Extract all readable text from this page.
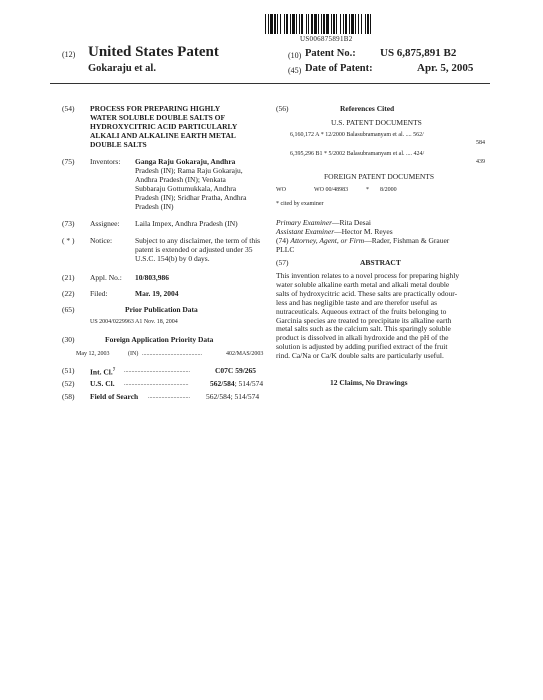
US006875891B2
(12) United States Patent
Gokaraju et al.
(10) Patent No.: US 6,875,891 B2
(45) Date of Patent:	Apr. 5, 2005
(54) PROCESS FOR PREPARING HIGHLY
WATER SOLUBLE DOUBLE SALTS OF
HYDROXYCITRIC ACID PARTICULARLY
ALKALI AND ALKALINE EARTH METAL
DOUBLE SALTS
(75) Inventors: Ganga Raju Gokaraju, Andhra
Pradesh (IN); Rama Raju Gokaraju,
Andhra Pradesh (IN); Venkata
Subbaraju Gottumukkala, Andhra
Pradesh (IN); Sridhar Pratha, Andhra
Pradesh (IN)
(73) Assignee: Laila Impex, Andhra Pradesh (IN)
( * ) Notice:	Subject to any disclaimer, the term of this
patent is extended or adjusted under 35
U.S.C. 154(b) by 0 days.
(21) Appl. No.: 10/803,986
(22) Filed:	Mar. 19, 2004
(65)	Prior Publication Data
US 2004/0229963 A1 Nov. 18, 2004
(30)	Foreign Application Priority Data
May 12, 2003	(IN) ........................................	402/MAS/2003
(51) Int. Cl.$^7$ ............................................	C07C 59/265
(52) U.S. Cl. ...........................................	562/584; 514/574
(58) Field of Search ............................	562/584; 514/574
(56)	References Cited
U.S. PATENT DOCUMENTS
6,160,172 A * 12/2000 Balasubramanyam et al. .... 562/
584
6,395,296 B1 * 5/2002 Balasubramanyam et al. .... 424/
439
FOREIGN PATENT DOCUMENTS
WO	WO 00/48983	* 8/2000
* cited by examiner
Primary Examiner—Rita Desai
Assistant Examiner—Hector M. Reyes
(74) Attorney, Agent, or Firm—Rader, Fishman & Grauer
PLLC
(57)	ABSTRACT
This invention relates to a novel process for preparing highly
water soluble alkaline earth metal and alkali metal double
salts of hydroxycitric acid. These salts are practically odour-
less and has negligible taste and are therefor useful as
nutraceuticals. Aqueous extract of the fruits belonging to
Garcinia species are treated to precipitate its alkaline earth
metal salts such as the calcium salt. This sparingly soluble
product is dissolved in alkali hydroxide and the pH of the
solution is adjusted by adding purified extract of the fruit
rind. Ca/Na or Ca/K double salts are particularly useful.
12 Claims, No Drawings
